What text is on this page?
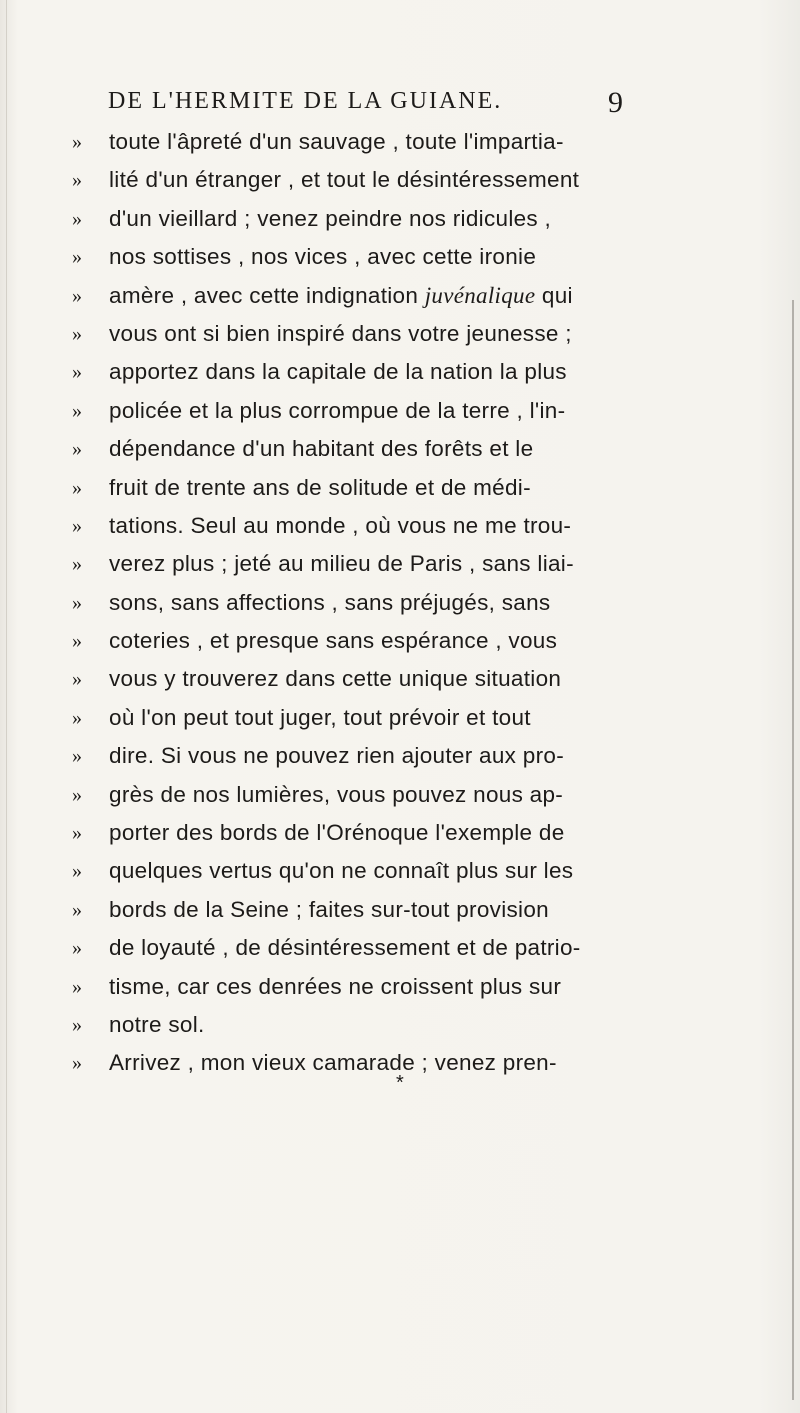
DE L'HERMITE DE LA GUIANE.	9
»	toute l'âpreté d'un sauvage , toute l'impartia-
»	lité d'un étranger , et tout le désintéressement
»	d'un vieillard ; venez peindre nos ridicules ,
»	nos sottises , nos vices , avec cette ironie
»	amère , avec cette indignation juvénalique qui
»	vous ont si bien inspiré dans votre jeunesse ;
»	apportez dans la capitale de la nation la plus
»	policée et la plus corrompue de la terre , l'in-
»	dépendance d'un habitant des forêts et le
»	fruit de trente ans de solitude et de médi-
»	tations. Seul au monde , où vous ne me trou-
»	verez plus ; jeté au milieu de Paris , sans liai-
»	sons, sans affections , sans préjugés, sans
»	coteries , et presque sans espérance , vous
»	vous y trouverez dans cette unique situation
»	où l'on peut tout juger, tout prévoir et tout
»	dire. Si vous ne pouvez rien ajouter aux pro-
»	grès de nos lumières, vous pouvez nous ap-
»	porter des bords de l'Orénoque l'exemple de
»	quelques vertus qu'on ne connaît plus sur les
»	bords de la Seine ; faites sur-tout provision
»	de loyauté , de désintéressement et de patrio-
»	tisme, car ces denrées ne croissent plus sur
»	notre sol.
»	Arrivez , mon vieux camarade ; venez pren-
*
